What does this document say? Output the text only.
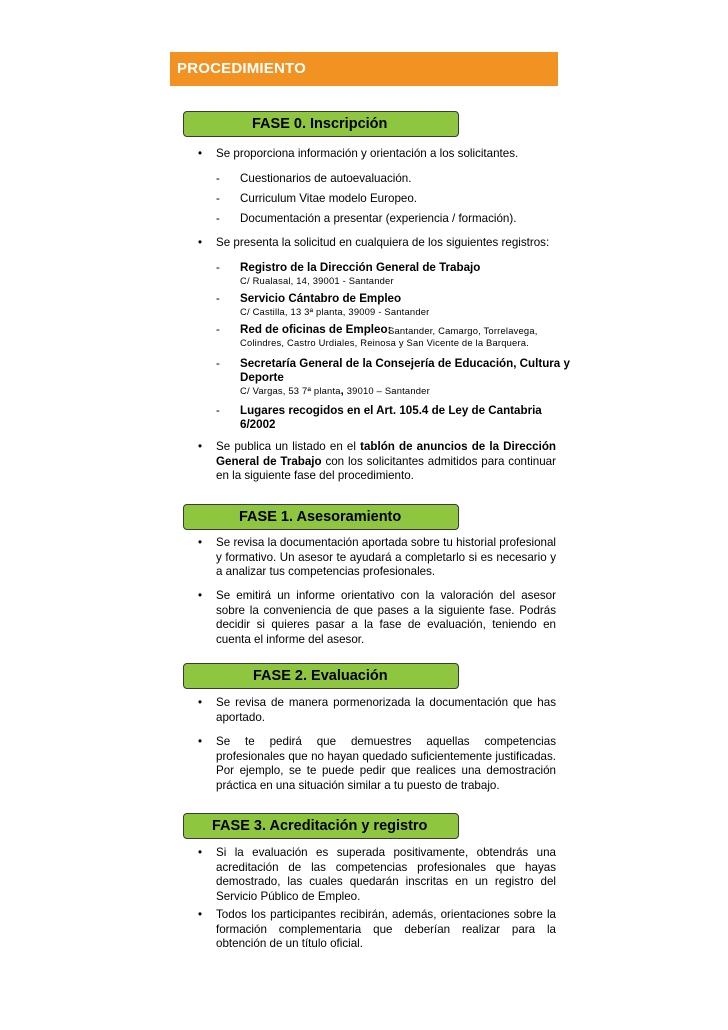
PROCEDIMIENTO
FASE 0. Inscripción
• Se proporciona información y orientación a los solicitantes.
- Cuestionarios de autoevaluación.
- Curriculum Vitae modelo Europeo.
- Documentación a presentar (experiencia / formación).
• Se presenta la solicitud en cualquiera de los siguientes registros:
- Registro de la Dirección General de Trabajo
C/ Rualasal, 14, 39001 - Santander
- Servicio Cántabro de Empleo
C/ Castilla, 13 3ª planta, 39009 - Santander
- Red de oficinas de Empleo:
Santander, Camargo, Torrelavega,
Colindres, Castro Urdiales, Reinosa y San Vicente de la Barquera.
- Secretaría General de la Consejería de Educación, Cultura y
Deporte
C/ Vargas, 53 7ª planta, 39010 – Santander
- Lugares recogidos en el Art. 105.4 de Ley de Cantabria
6/2002
• Se publica un listado en el tablón de anuncios de la Dirección General de Trabajo con los solicitantes admitidos para continuar en la siguiente fase del procedimiento.
FASE 1. Asesoramiento
• Se revisa la documentación aportada sobre tu historial profesional y formativo. Un asesor te ayudará a completarlo si es necesario y a analizar tus competencias profesionales.
• Se emitirá un informe orientativo con la valoración del asesor sobre la conveniencia de que pases a la siguiente fase. Podrás decidir si quieres pasar a la fase de evaluación, teniendo en cuenta el informe del asesor.
FASE 2. Evaluación
• Se revisa de manera pormenorizada la documentación que has aportado.
• Se te pedirá que demuestres aquellas competencias profesionales que no hayan quedado suficientemente justificadas. Por ejemplo, se te puede pedir que realices una demostración práctica en una situación similar a tu puesto de trabajo.
FASE 3. Acreditación y registro
• Si la evaluación es superada positivamente, obtendrás una acreditación de las competencias profesionales que hayas demostrado, las cuales quedarán inscritas en un registro del Servicio Público de Empleo.
• Todos los participantes recibirán, además, orientaciones sobre la formación complementaria que deberían realizar para la obtención de un título oficial.
